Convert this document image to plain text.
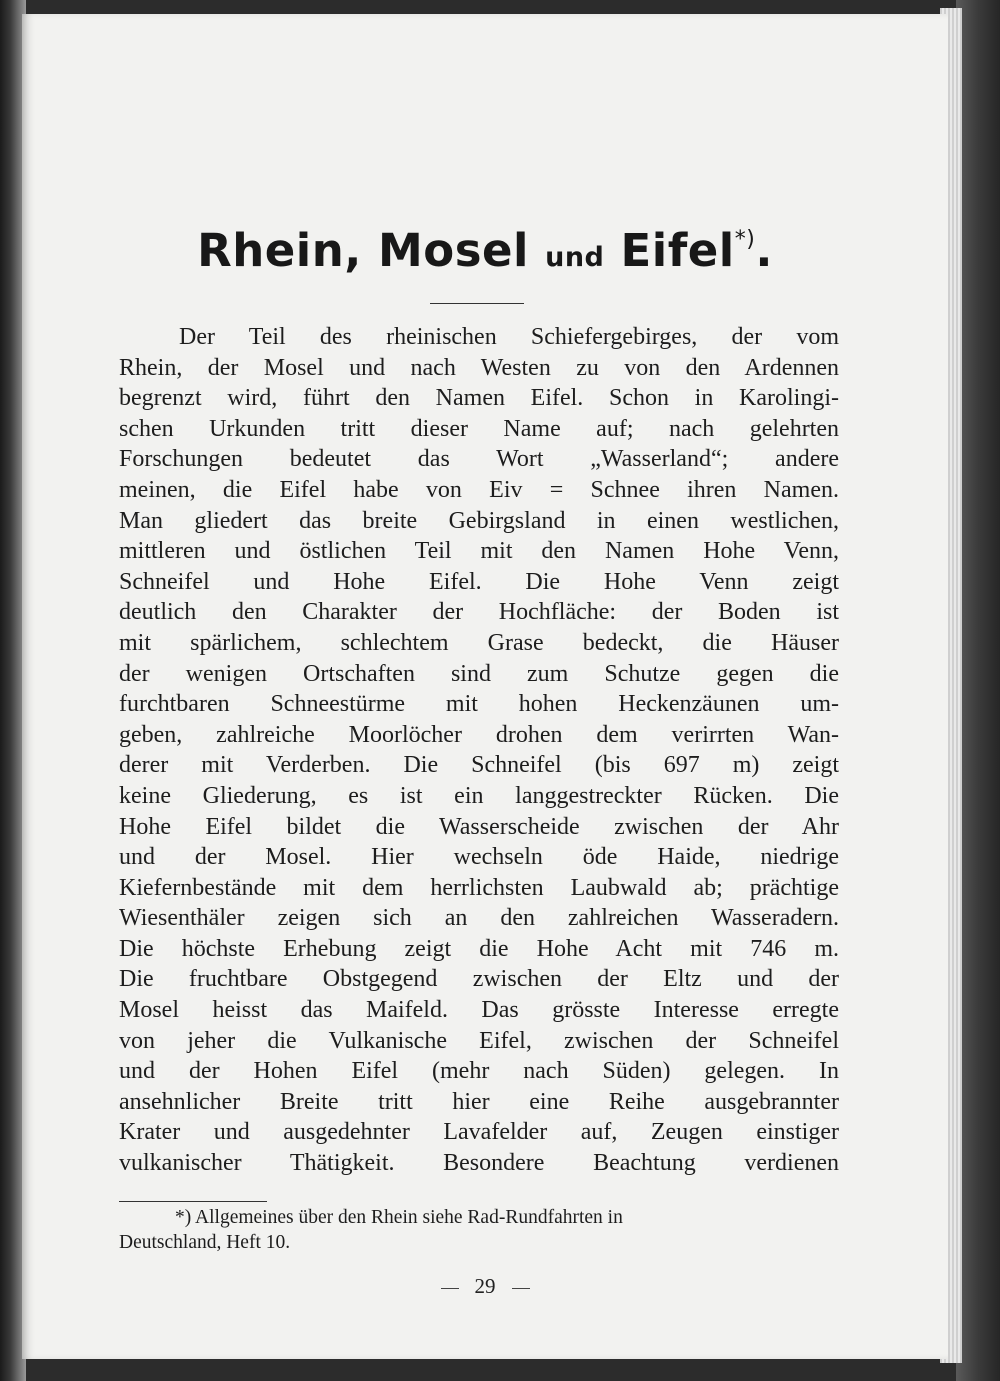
Rhein, Mosel und Eifel*).
Der Teil des rheinischen Schiefergebirges, der vom
Rhein, der Mosel und nach Westen zu von den Ardennen
begrenzt wird, führt den Namen Eifel. Schon in Karolingi-
schen Urkunden tritt dieser Name auf; nach gelehrten
Forschungen bedeutet das Wort „Wasserland“; andere
meinen, die Eifel habe von Eiv = Schnee ihren Namen.
Man gliedert das breite Gebirgsland in einen westlichen,
mittleren und östlichen Teil mit den Namen Hohe Venn,
Schneifel und Hohe Eifel. Die Hohe Venn zeigt
deutlich den Charakter der Hochfläche: der Boden ist
mit spärlichem, schlechtem Grase bedeckt, die Häuser
der wenigen Ortschaften sind zum Schutze gegen die
furchtbaren Schneestürme mit hohen Heckenzäunen um-
geben, zahlreiche Moorlöcher drohen dem verirrten Wan-
derer mit Verderben. Die Schneifel (bis 697 m) zeigt
keine Gliederung, es ist ein langgestreckter Rücken. Die
Hohe Eifel bildet die Wasserscheide zwischen der Ahr
und der Mosel. Hier wechseln öde Haide, niedrige
Kiefernbestände mit dem herrlichsten Laubwald ab; prächtige
Wiesenthäler zeigen sich an den zahlreichen Wasseradern.
Die höchste Erhebung zeigt die Hohe Acht mit 746 m.
Die fruchtbare Obstgegend zwischen der Eltz und der
Mosel heisst das Maifeld. Das grösste Interesse erregte
von jeher die Vulkanische Eifel, zwischen der Schneifel
und der Hohen Eifel (mehr nach Süden) gelegen. In
ansehnlicher Breite tritt hier eine Reihe ausgebrannter
Krater und ausgedehnter Lavafelder auf, Zeugen einstiger
vulkanischer Thätigkeit. Besondere Beachtung verdienen
*) Allgemeines über den Rhein siehe Rad-Rundfahrten in
Deutschland, Heft 10.
29
